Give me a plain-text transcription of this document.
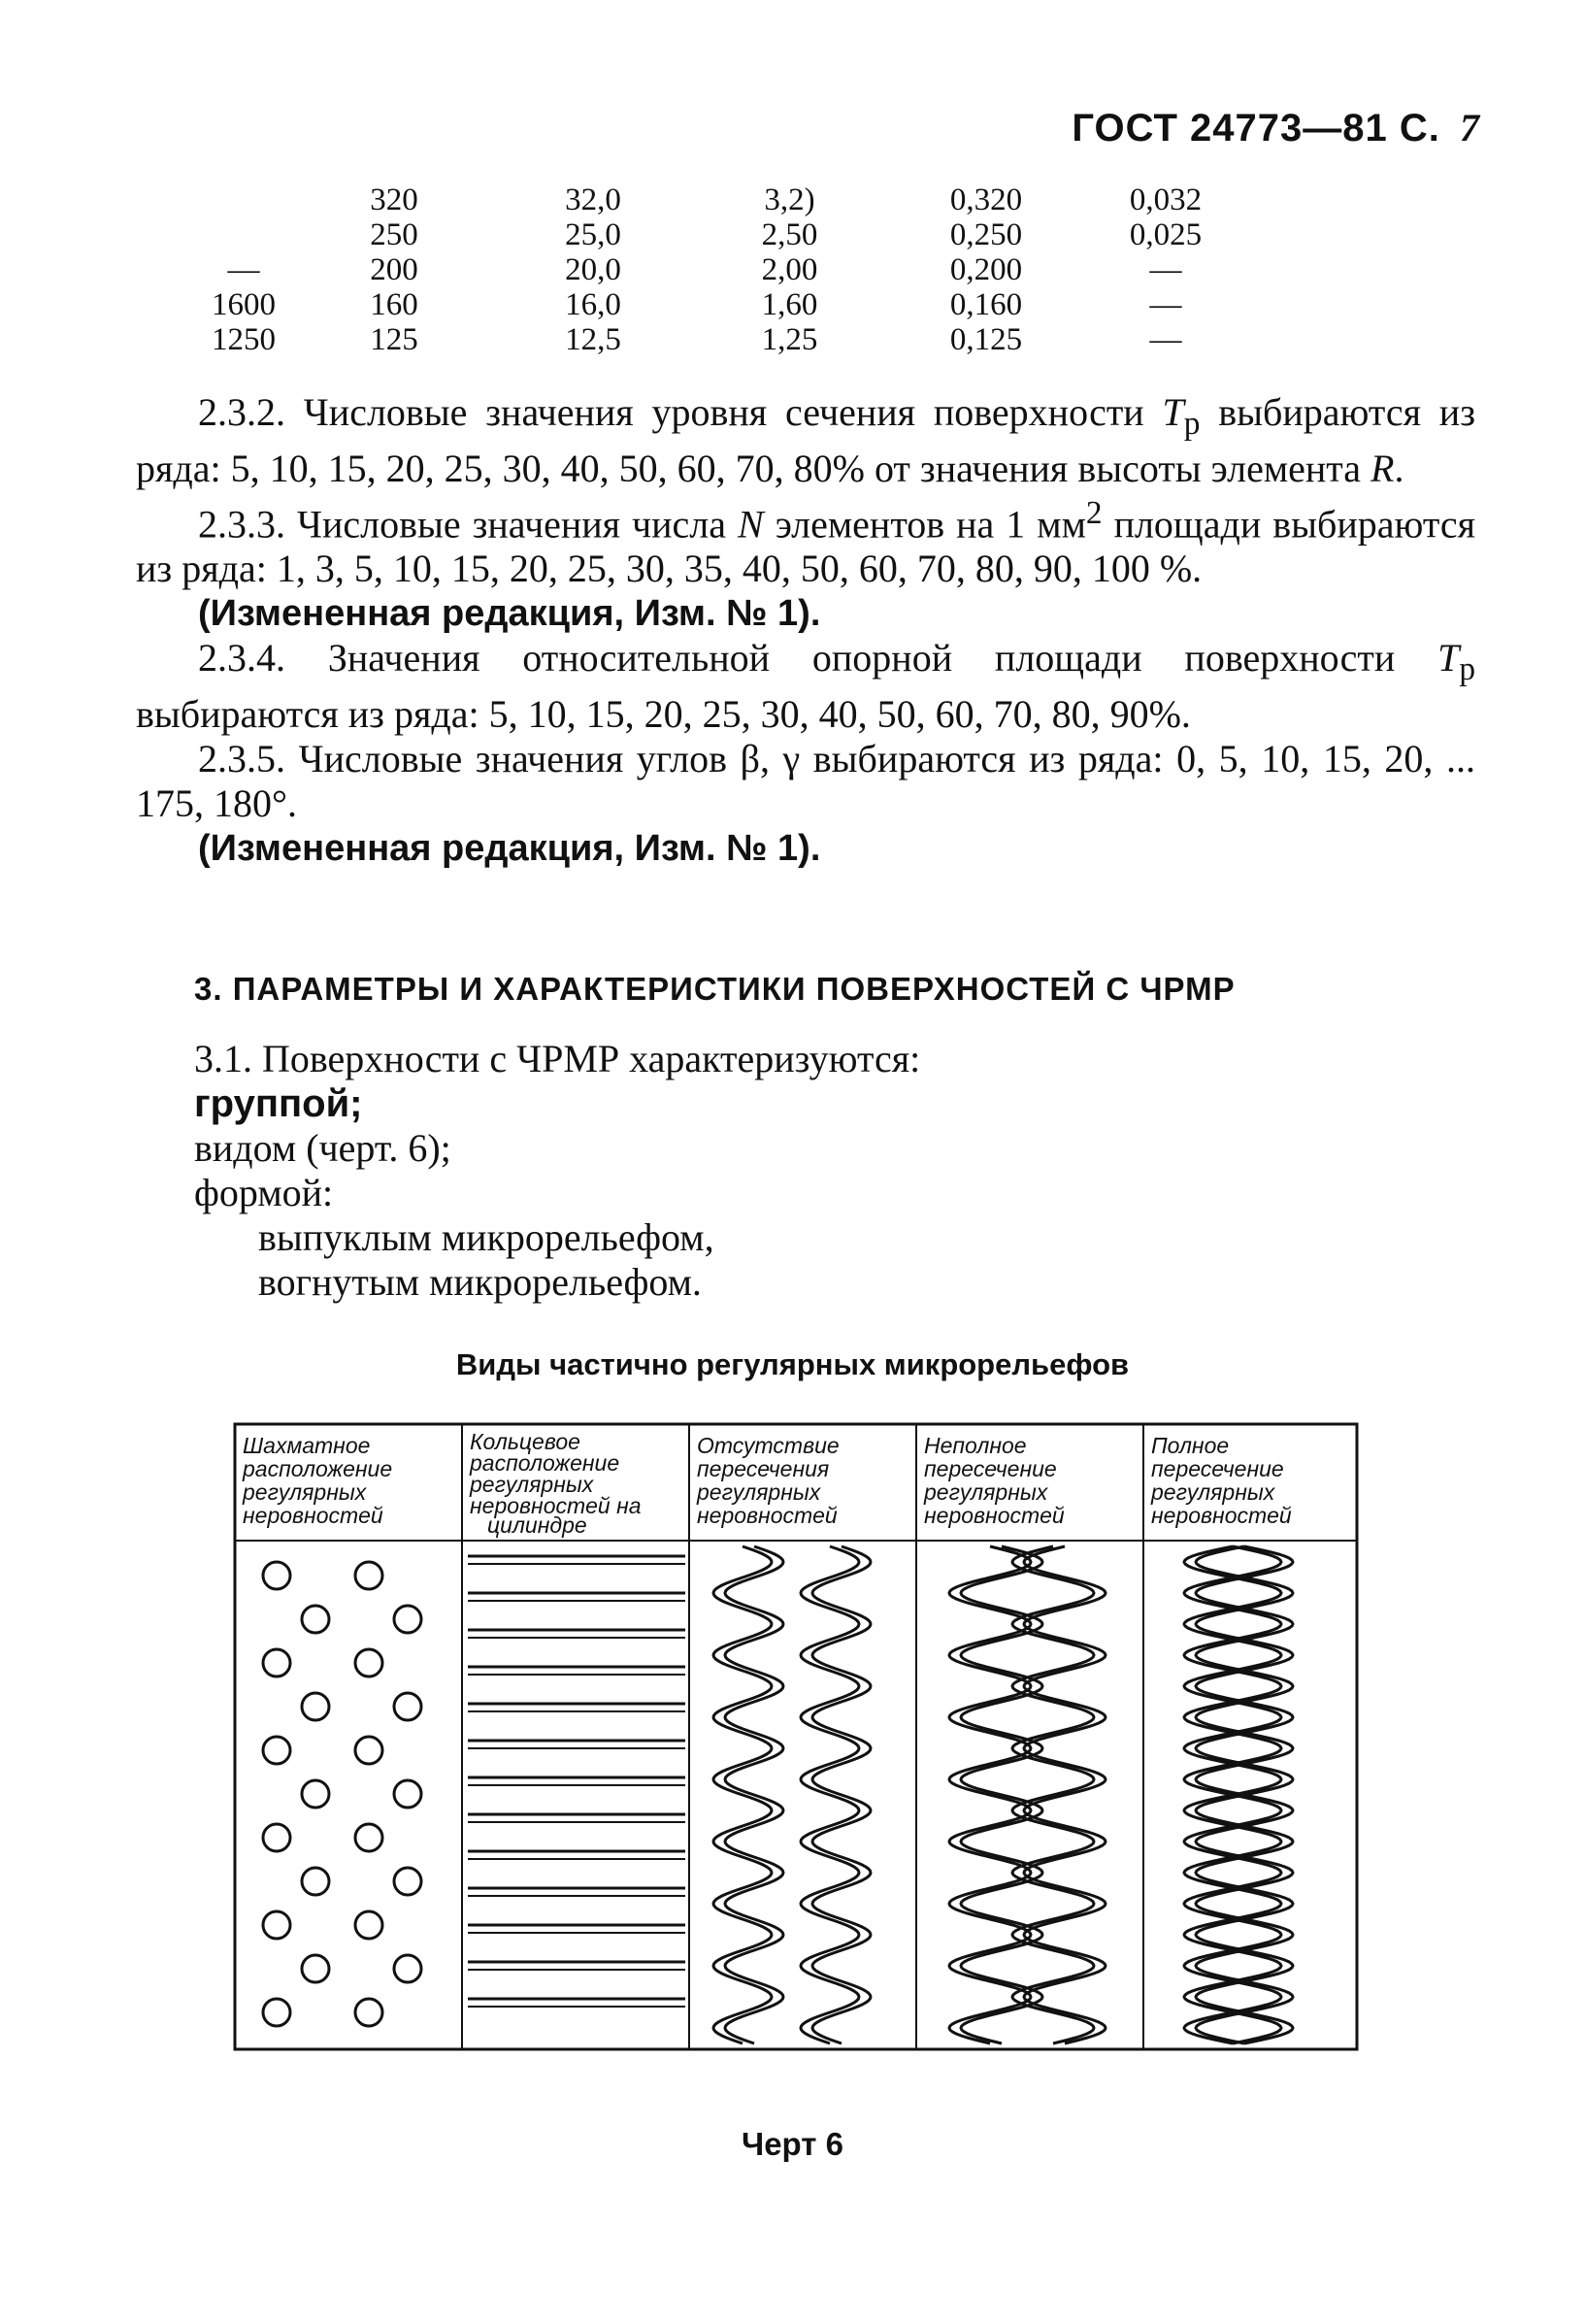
ГОСТ 24773—81 С. 7
	320	32,0	3,2)	0,320	0,032
	250	25,0	2,50	0,250	0,025
—	200	20,0	2,00	0,200	—
1600	160	16,0	1,60	0,160	—
1250	125	12,5	1,25	0,125	—

2.3.2. Числовые значения уровня сечения поверхности $T_р$ выбираются из ряда: 5, 10, 15, 20, 25, 30, 40, 50, 60, 70, 80% от значения высоты элемента R.

2.3.3. Числовые значения числа N элементов на 1 $мм^2$ площади выбираются из ряда: 1, 3, 5, 10, 15, 20, 25, 30, 35, 40, 50, 60, 70, 80, 90, 100 %.

(Измененная редакция, Изм. № 1).

2.3.4. Значения относительной опорной площади поверхности $T_р$ выбираются из ряда: 5, 10, 15, 20, 25, 30, 40, 50, 60, 70, 80, 90%.

2.3.5. Числовые значения углов β, γ выбираются из ряда: 0, 5, 10, 15, 20, ... 175, 180°.

(Измененная редакция, Изм. № 1).

3. ПАРАМЕТРЫ И ХАРАКТЕРИСТИКИ ПОВЕРХНОСТЕЙ С ЧРМР
3.1. Поверхности с ЧРМР характеризуются:
группой;
видом (черт. 6);
формой:
выпуклым микрорельефом,
вогнутым микрорельефом.
Виды частично регулярных микрорельефов
Шахматное расположение регулярных неровностей
Кольцевое расположение регулярных неровностей на цилиндре
Отсутствие пересечения регулярных неровностей
Неполное пересечение регулярных неровностей
Полное пересечение регулярных неровностей
Черт 6
